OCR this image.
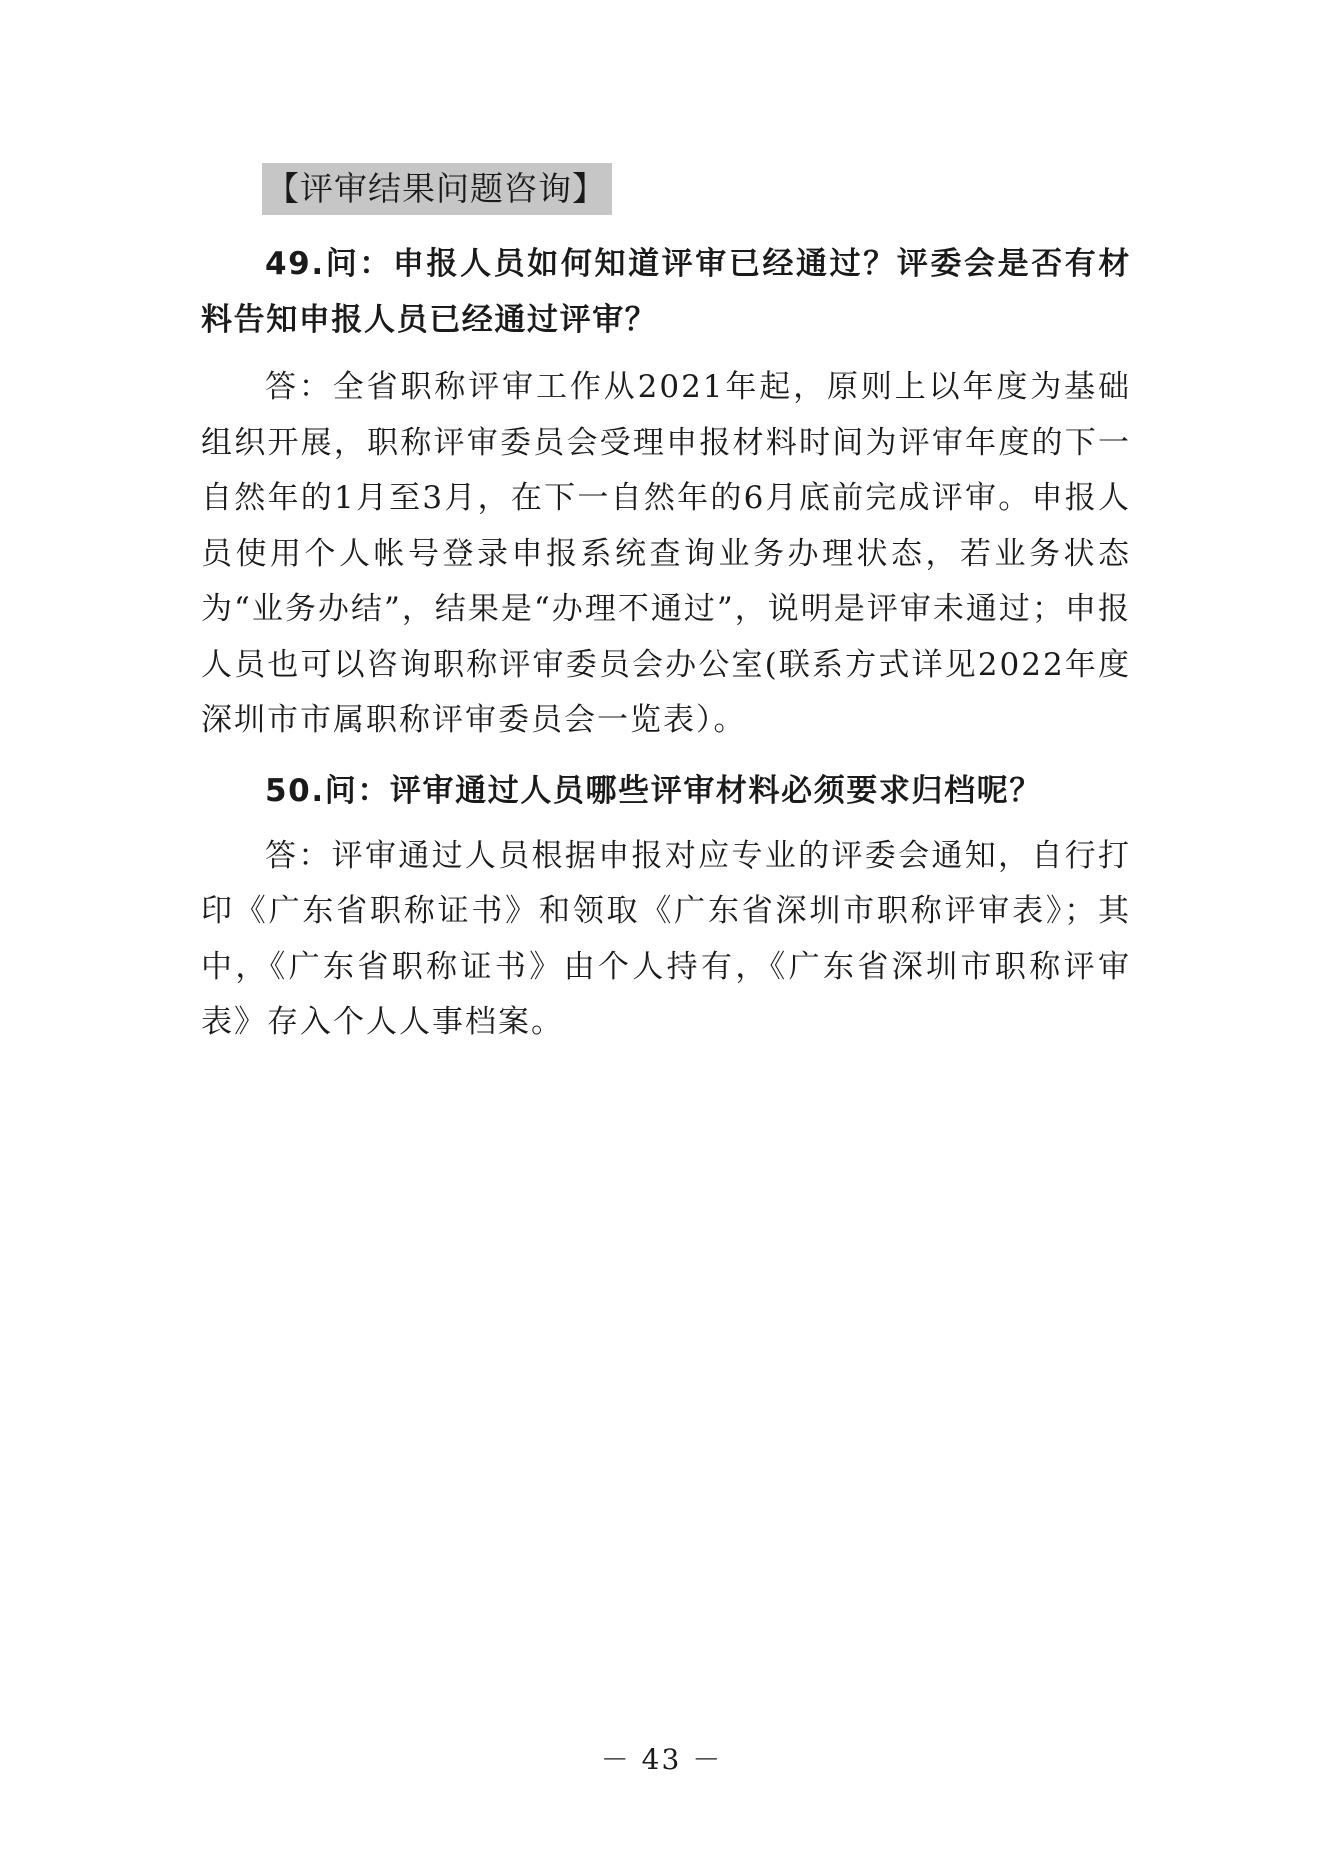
【评审结果问题咨询】

49.问：申报人员如何知道评审已经通过？评委会是否有材料告知申报人员已经通过评审？

答：全省职称评审工作从2021年起，原则上以年度为基础组织开展，职称评审委员会受理申报材料时间为评审年度的下一自然年的1月至3月，在下一自然年的6月底前完成评审。申报人员使用个人帐号登录申报系统查询业务办理状态，若业务状态为“业务办结”，结果是“办理不通过”，说明是评审未通过；申报人员也可以咨询职称评审委员会办公室(联系方式详见2022年度深圳市市属职称评审委员会一览表）。

50.问：评审通过人员哪些评审材料必须要求归档呢？

答：评审通过人员根据申报对应专业的评委会通知，自行打印《广东省职称证书》和领取《广东省深圳市职称评审表》；其中，《广东省职称证书》由个人持有，《广东省深圳市职称评审表》存入个人人事档案。

－ 43 －
